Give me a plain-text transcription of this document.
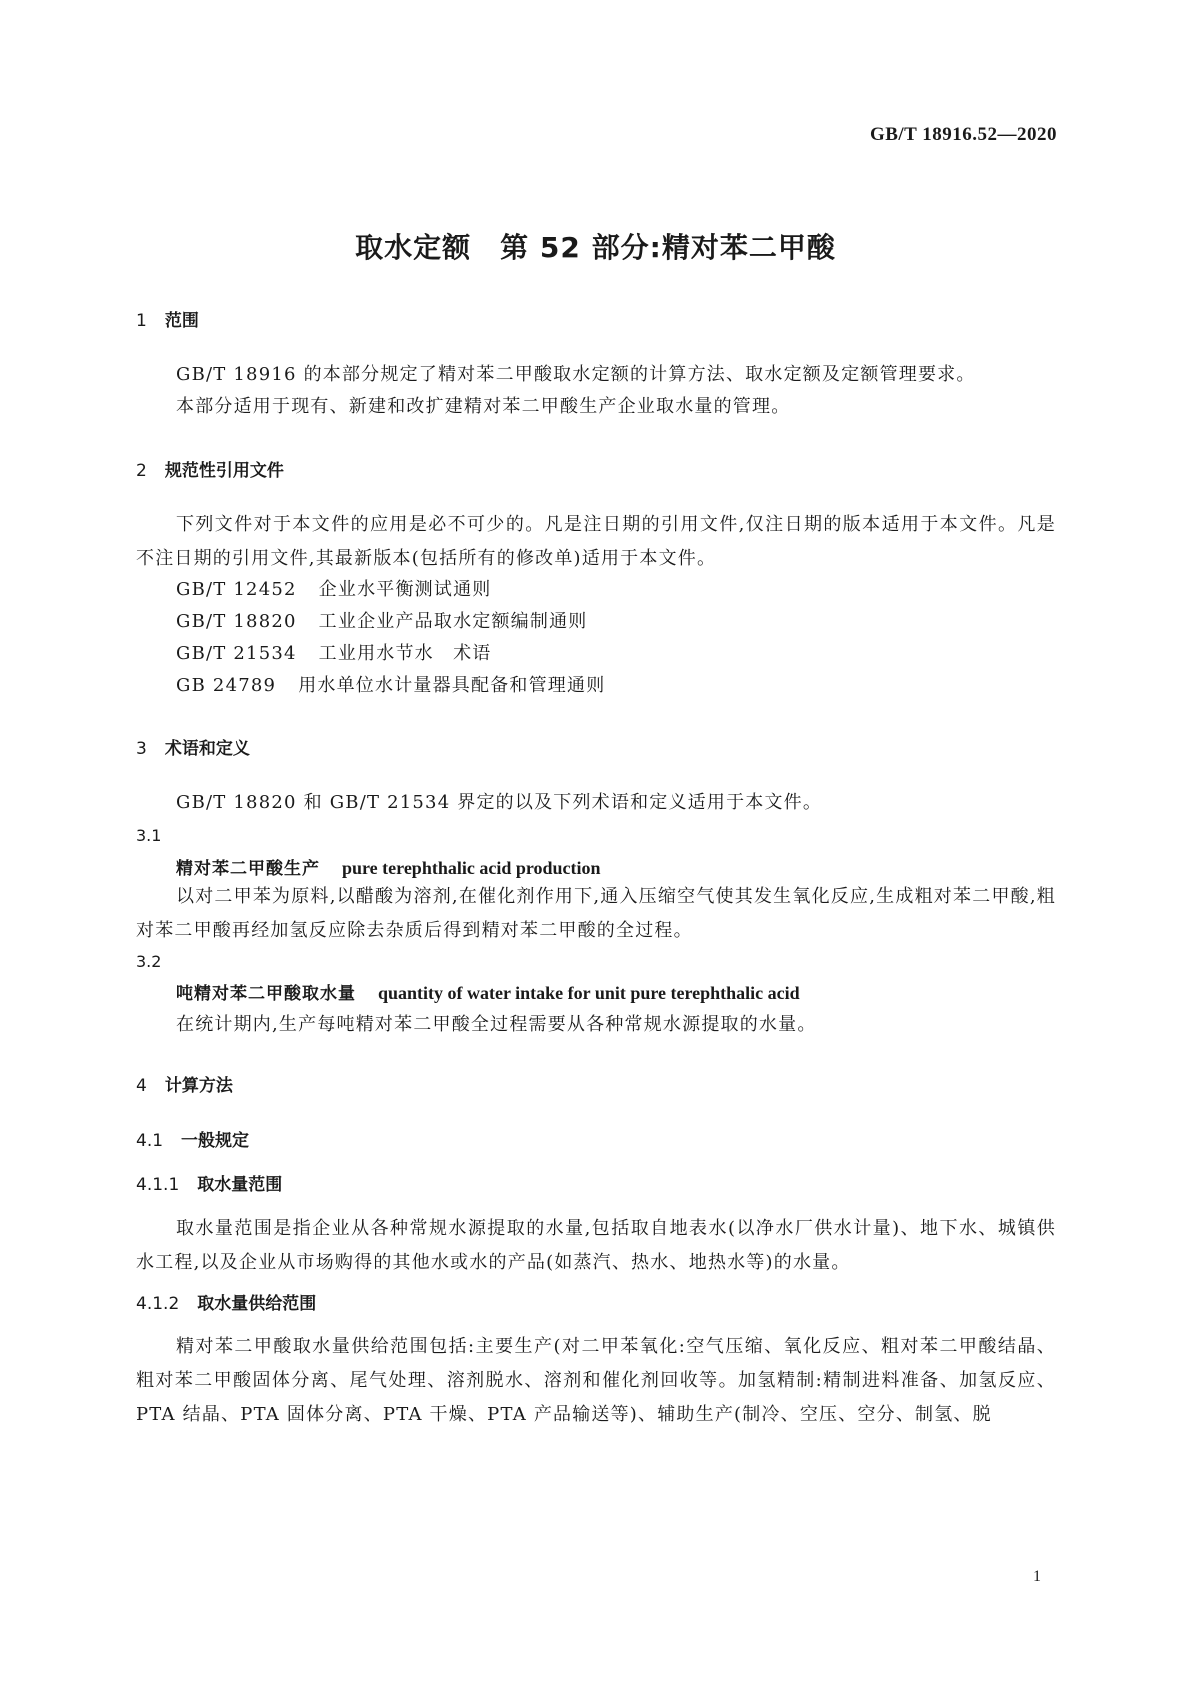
GB/T 18916.52—2020
取水定额　第 52 部分:精对苯二甲酸
1 范围
GB/T 18916 的本部分规定了精对苯二甲酸取水定额的计算方法、取水定额及定额管理要求。
本部分适用于现有、新建和改扩建精对苯二甲酸生产企业取水量的管理。
2 规范性引用文件
下列文件对于本文件的应用是必不可少的。凡是注日期的引用文件,仅注日期的版本适用于本文件。凡是不注日期的引用文件,其最新版本(包括所有的修改单)适用于本文件。
GB/T 12452 企业水平衡测试通则
GB/T 18820 工业企业产品取水定额编制通则
GB/T 21534 工业用水节水　术语
GB 24789 用水单位水计量器具配备和管理通则
3 术语和定义
GB/T 18820 和 GB/T 21534 界定的以及下列术语和定义适用于本文件。
3.1
精对苯二甲酸生产 pure terephthalic acid production
以对二甲苯为原料,以醋酸为溶剂,在催化剂作用下,通入压缩空气使其发生氧化反应,生成粗对苯二甲酸,粗对苯二甲酸再经加氢反应除去杂质后得到精对苯二甲酸的全过程。
3.2
吨精对苯二甲酸取水量 quantity of water intake for unit pure terephthalic acid
在统计期内,生产每吨精对苯二甲酸全过程需要从各种常规水源提取的水量。
4 计算方法
4.1 一般规定
4.1.1 取水量范围
取水量范围是指企业从各种常规水源提取的水量,包括取自地表水(以净水厂供水计量)、地下水、城镇供水工程,以及企业从市场购得的其他水或水的产品(如蒸汽、热水、地热水等)的水量。
4.1.2 取水量供给范围
精对苯二甲酸取水量供给范围包括:主要生产(对二甲苯氧化:空气压缩、氧化反应、粗对苯二甲酸结晶、粗对苯二甲酸固体分离、尾气处理、溶剂脱水、溶剂和催化剂回收等。加氢精制:精制进料准备、加氢反应、PTA 结晶、PTA 固体分离、PTA 干燥、PTA 产品输送等)、辅助生产(制冷、空压、空分、制氢、脱
1
